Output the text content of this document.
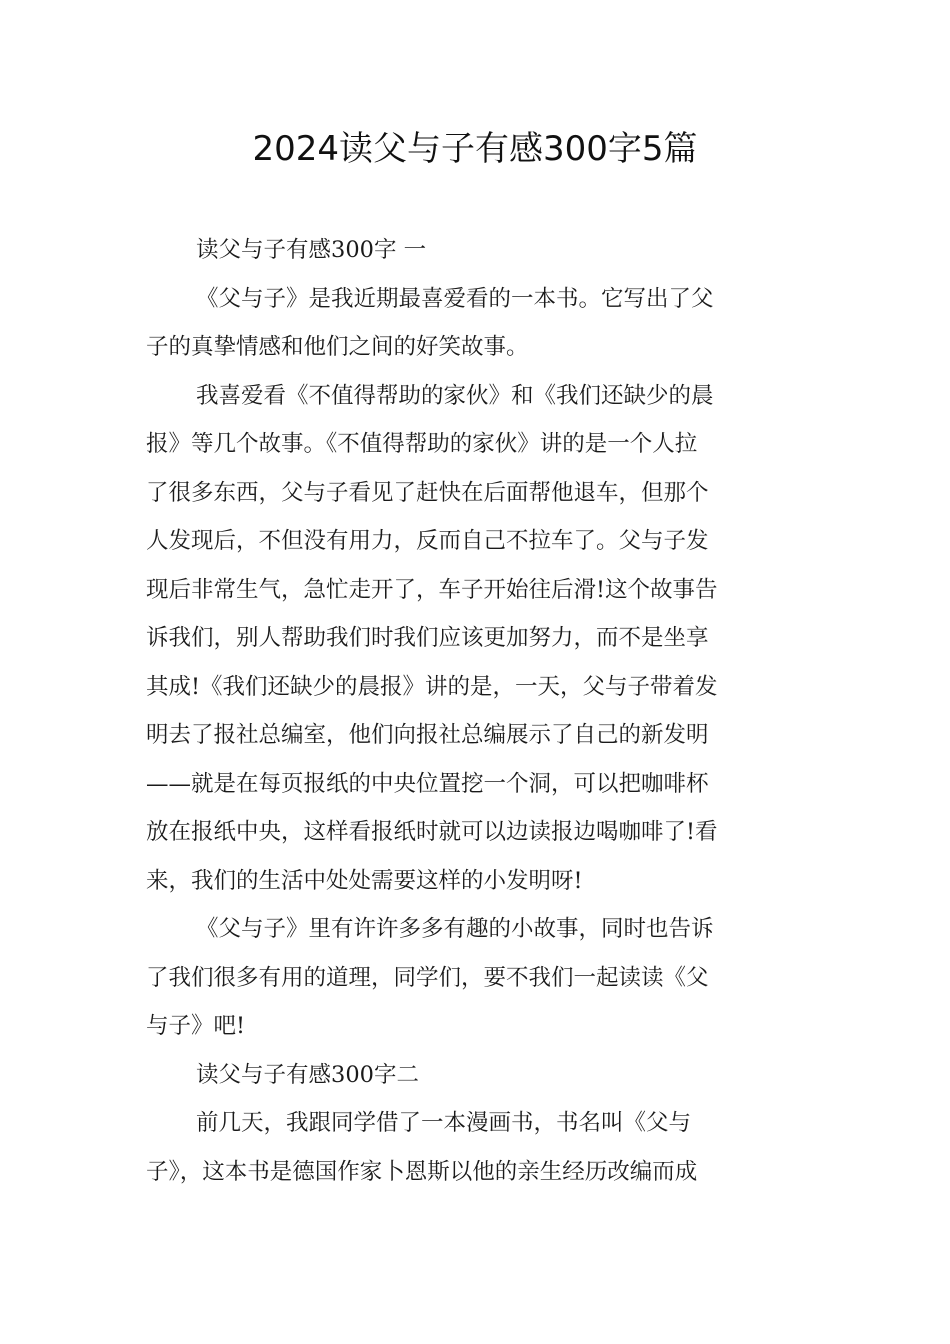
2024读父与子有感300字5篇
读父与子有感300字 一
《父与子》是我近期最喜爱看的一本书。它写出了父
子的真挚情感和他们之间的好笑故事。
我喜爱看《不值得帮助的家伙》和《我们还缺少的晨
报》等几个故事。《不值得帮助的家伙》讲的是一个人拉
了很多东西，父与子看见了赶快在后面帮他退车，但那个
人发现后，不但没有用力，反而自己不拉车了。父与子发
现后非常生气，急忙走开了，车子开始往后滑!这个故事告
诉我们，别人帮助我们时我们应该更加努力，而不是坐享
其成!《我们还缺少的晨报》讲的是，一天，父与子带着发
明去了报社总编室，他们向报社总编展示了自己的新发明
——就是在每页报纸的中央位置挖一个洞，可以把咖啡杯
放在报纸中央，这样看报纸时就可以边读报边喝咖啡了!看
来，我们的生活中处处需要这样的小发明呀!
《父与子》里有许许多多有趣的小故事，同时也告诉
了我们很多有用的道理，同学们，要不我们一起读读《父
与子》吧!
读父与子有感300字二
前几天，我跟同学借了一本漫画书，书名叫《父与
子》，这本书是德国作家卜恩斯以他的亲生经历改编而成
